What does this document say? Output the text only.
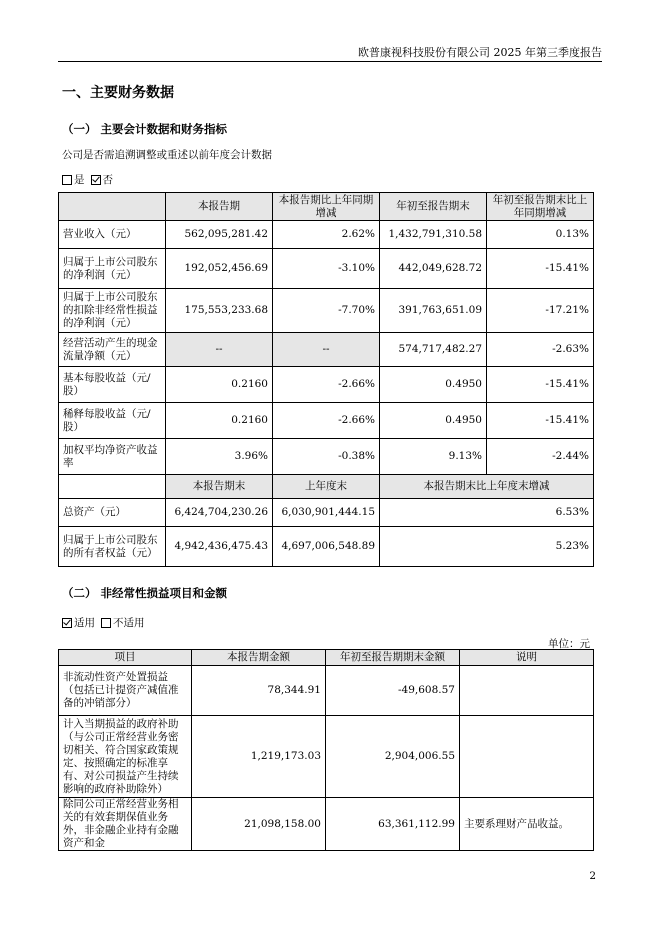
欧普康视科技股份有限公司 2025 年第三季度报告
一、主要财务数据
（一） 主要会计数据和财务指标
公司是否需追溯调整或重述以前年度会计数据
是 否
	本报告期	本报告期比上年同期增减	年初至报告期末	年初至报告期末比上年同期增减
营业收入（元）	562,095,281.42	2.62%	1,432,791,310.58	0.13%
归属于上市公司股东的净利润（元）	192,052,456.69	-3.10%	442,049,628.72	-15.41%
归属于上市公司股东的扣除非经常性损益的净利润（元）	175,553,233.68	-7.70%	391,763,651.09	-17.21%
经营活动产生的现金流量净额（元）	--	--	574,717,482.27	-2.63%
基本每股收益（元/股）	0.2160	-2.66%	0.4950	-15.41%
稀释每股收益（元/股）	0.2160	-2.66%	0.4950	-15.41%
加权平均净资产收益率	3.96%	-0.38%	9.13%	-2.44%
	本报告期末	上年度末	本报告期末比上年度末增减	
总资产（元）	6,424,704,230.26	6,030,901,444.15	6.53%	
归属于上市公司股东的所有者权益（元）	4,942,436,475.43	4,697,006,548.89	5.23%	
（二） 非经常性损益项目和金额
适用 不适用
单位：元
项目	本报告期金额	年初至报告期期末金额	说明
非流动性资产处置损益（包括已计提资产减值准备的冲销部分）	78,344.91	-49,608.57	
计入当期损益的政府补助（与公司正常经营业务密切相关、符合国家政策规定、按照确定的标准享有、对公司损益产生持续影响的政府补助除外）	1,219,173.03	2,904,006.55	
除同公司正常经营业务相关的有效套期保值业务外，非金融企业持有金融资产和金	21,098,158.00	63,361,112.99	主要系理财产品收益。
2
